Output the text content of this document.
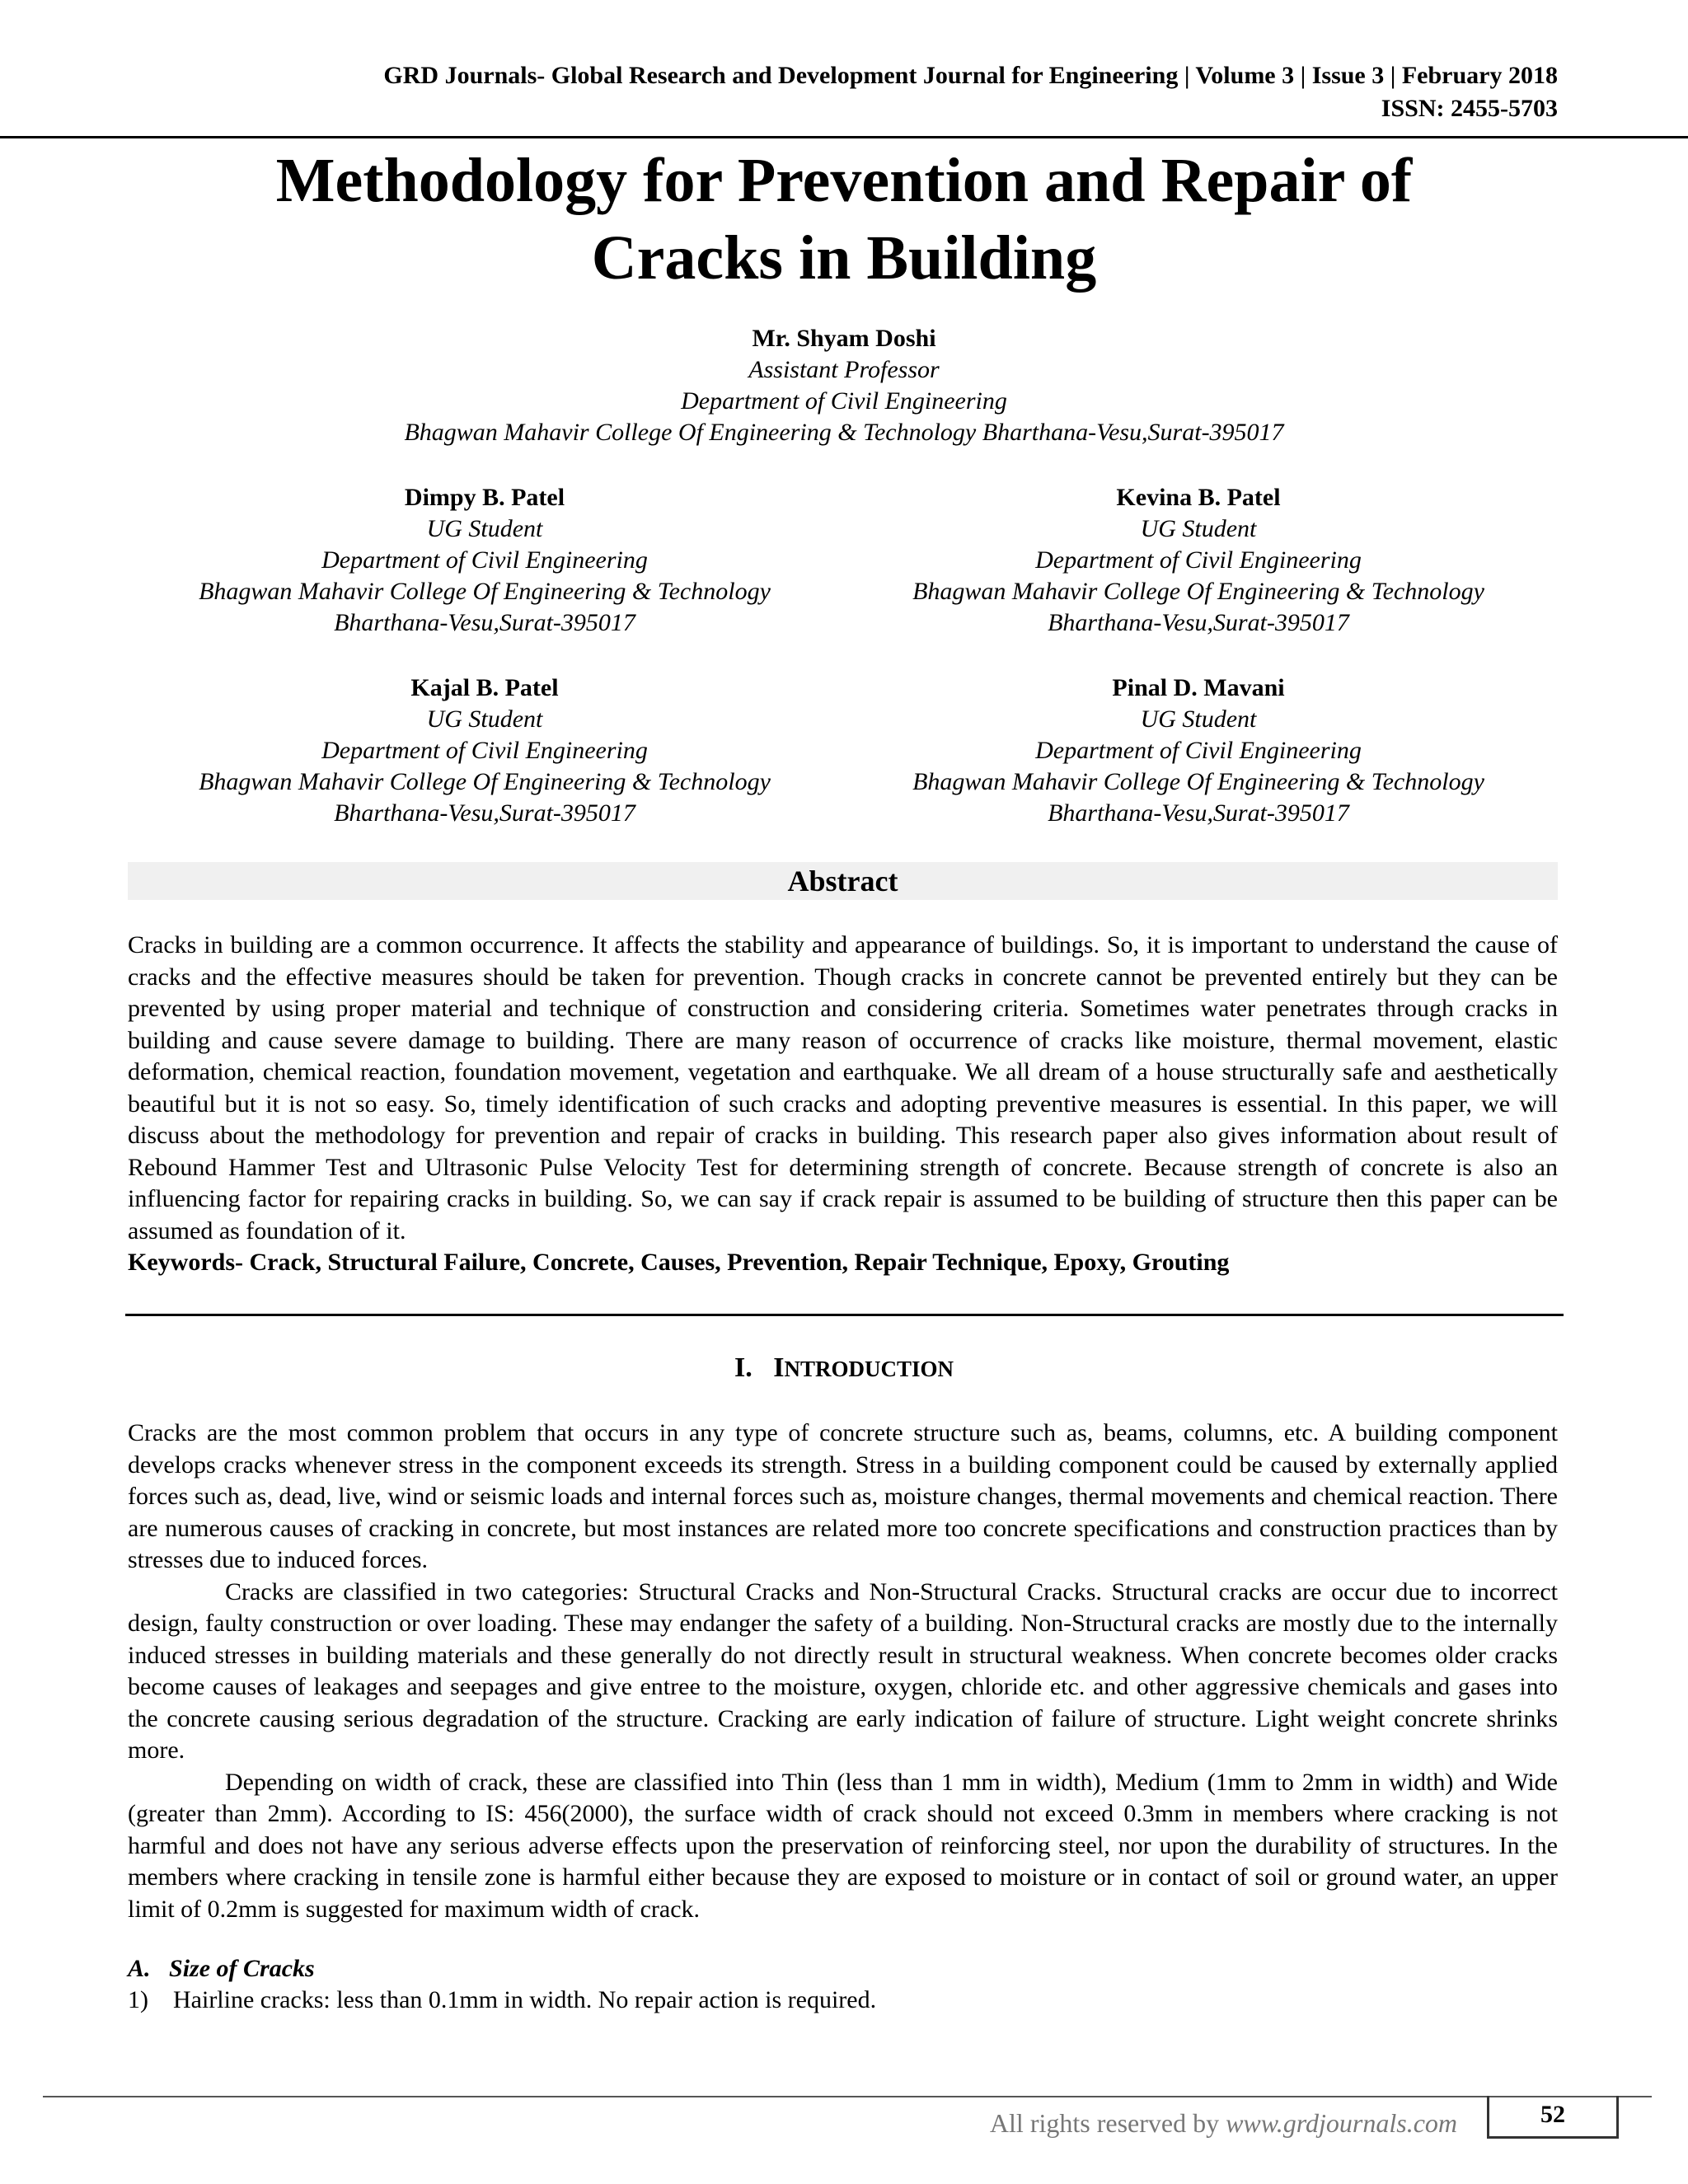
GRD Journals- Global Research and Development Journal for Engineering | Volume 3 | Issue 3 | February 2018
ISSN: 2455-5703
Methodology for Prevention and Repair of
Cracks in Building
Mr. Shyam Doshi
Assistant Professor
Department of Civil Engineering
Bhagwan Mahavir College Of Engineering & Technology Bharthana-Vesu,Surat-395017
Dimpy B. Patel
UG Student
Department of Civil Engineering
Bhagwan Mahavir College Of Engineering & Technology
Bharthana-Vesu,Surat-395017
Kevina B. Patel
UG Student
Department of Civil Engineering
Bhagwan Mahavir College Of Engineering & Technology
Bharthana-Vesu,Surat-395017
Kajal B. Patel
UG Student
Department of Civil Engineering
Bhagwan Mahavir College Of Engineering & Technology
Bharthana-Vesu,Surat-395017
Pinal D. Mavani
UG Student
Department of Civil Engineering
Bhagwan Mahavir College Of Engineering & Technology
Bharthana-Vesu,Surat-395017
Abstract

Cracks in building are a common occurrence. It affects the stability and appearance of buildings. So, it is important to understand the cause of cracks and the effective measures should be taken for prevention. Though cracks in concrete cannot be prevented entirely but they can be prevented by using proper material and technique of construction and considering criteria. Sometimes water penetrates through cracks in building and cause severe damage to building. There are many reason of occurrence of cracks like moisture, thermal movement, elastic deformation, chemical reaction, foundation movement, vegetation and earthquake. We all dream of a house structurally safe and aesthetically beautiful but it is not so easy. So, timely identification of such cracks and adopting preventive measures is essential. In this paper, we will discuss about the methodology for prevention and repair of cracks in building. This research paper also gives information about result of Rebound Hammer Test and Ultrasonic Pulse Velocity Test for determining strength of concrete. Because strength of concrete is also an influencing factor for repairing cracks in building. So, we can say if crack repair is assumed to be building of structure then this paper can be assumed as foundation of it.

Keywords- Crack, Structural Failure, Concrete, Causes, Prevention, Repair Technique, Epoxy, Grouting

I. INTRODUCTION

Cracks are the most common problem that occurs in any type of concrete structure such as, beams, columns, etc. A building component develops cracks whenever stress in the component exceeds its strength. Stress in a building component could be caused by externally applied forces such as, dead, live, wind or seismic loads and internal forces such as, moisture changes, thermal movements and chemical reaction. There are numerous causes of cracking in concrete, but most instances are related more too concrete specifications and construction practices than by stresses due to induced forces.

Cracks are classified in two categories: Structural Cracks and Non-Structural Cracks. Structural cracks are occur due to incorrect design, faulty construction or over loading. These may endanger the safety of a building. Non-Structural cracks are mostly due to the internally induced stresses in building materials and these generally do not directly result in structural weakness. When concrete becomes older cracks become causes of leakages and seepages and give entree to the moisture, oxygen, chloride etc. and other aggressive chemicals and gases into the concrete causing serious degradation of the structure. Cracking are early indication of failure of structure. Light weight concrete shrinks more.

Depending on width of crack, these are classified into Thin (less than 1 mm in width), Medium (1mm to 2mm in width) and Wide (greater than 2mm). According to IS: 456(2000), the surface width of crack should not exceed 0.3mm in members where cracking is not harmful and does not have any serious adverse effects upon the preservation of reinforcing steel, nor upon the durability of structures. In the members where cracking in tensile zone is harmful either because they are exposed to moisture or in contact of soil or ground water, an upper limit of 0.2mm is suggested for maximum width of crack.

A. Size of Cracks
1) Hairline cracks: less than 0.1mm in width. No repair action is required.
All rights reserved by www.grdjournals.com	52
